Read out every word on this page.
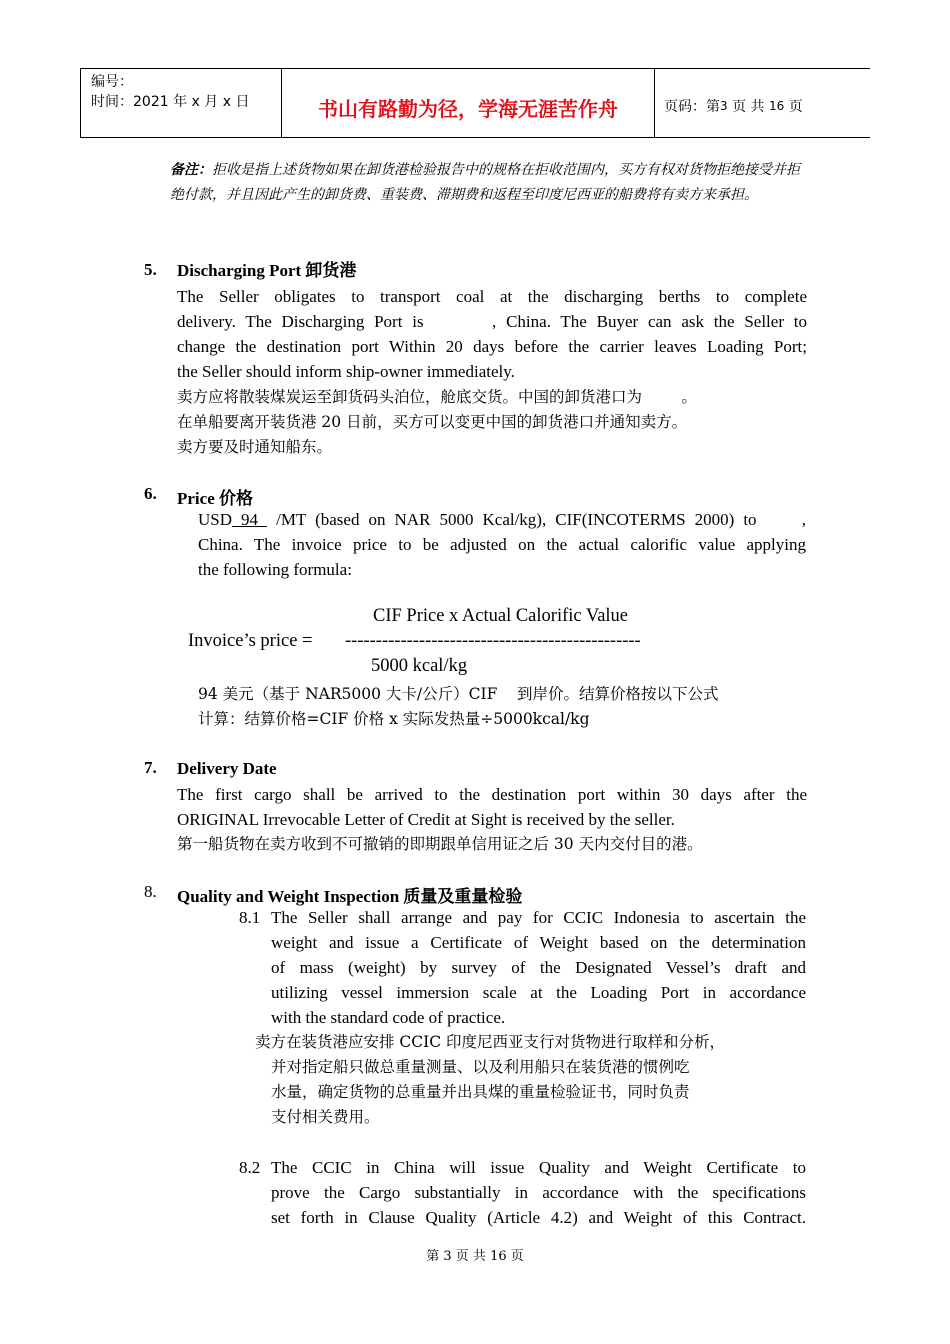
编号：
时间：2021 年 x 月 x 日	书山有路勤为径，学海无涯苦作舟	页码：第 3
页 共
16
页
备注：拒收是指上述货物如果在卸货港检验报告中的规格在拒收范围内，买方有权对货物拒绝接受并拒绝付款，并且因此产生的卸货费、重装费、滞期费和返程至印度尼西亚的船费将有卖方来承担。
5. Discharging Port 卸货港
The Seller obligates to transport coal at the discharging berths to complete
delivery. The Discharging Port is       , China. The Buyer can ask the Seller to
change the destination port Within 20 days before the carrier leaves Loading Port;
the Seller should inform ship-owner immediately.
卖方应将散装煤炭运至卸货码头泊位，舱底交货。中国的卸货港口为        。
在单船要离开装货港 20 日前，买方可以变更中国的卸货港口并通知卖方。
卖方要及时通知船东。
6. Price 价格
USD 94  /MT (based on NAR 5000 Kcal/kg), CIF(INCOTERMS 2000) to     ,
China. The invoice price to be adjusted on the actual calorific value applying
the following formula:
CIF Price x Actual Calorific Value
Invoice’s price = ------------------------------------------------
5000 kcal/kg
94 美元（基于 NAR5000 大卡/公斤）CIF    到岸价。结算价格按以下公式
计算：结算价格=CIF 价格 x 实际发热量÷5000kcal/kg
7. Delivery Date
The first cargo shall be arrived to the destination port within 30 days after the
ORIGINAL Irrevocable Letter of Credit at Sight is received by the seller.
第一船货物在卖方收到不可撤销的即期跟单信用证之后 30 天内交付目的港。
8. Quality and Weight Inspection 质量及重量检验
8.1 The Seller shall arrange and pay for CCIC Indonesia to ascertain the
weight and issue a Certificate of Weight based on the determination
of mass (weight) by survey of the Designated Vessel’s draft and
utilizing vessel immersion scale at the Loading Port in accordance
with the standard code of practice.
卖方在装货港应安排 CCIC 印度尼西亚支行对货物进行取样和分析，
并对指定船只做总重量测量、以及利用船只在装货港的惯例吃
水量，确定货物的总重量并出具煤的重量检验证书，同时负责
支付相关费用。
8.2 The CCIC in China will issue Quality and Weight Certificate to
prove the Cargo substantially in accordance with the specifications
set forth in Clause Quality (Article 4.2) and Weight of this Contract.
第 3 页 共 16 页
